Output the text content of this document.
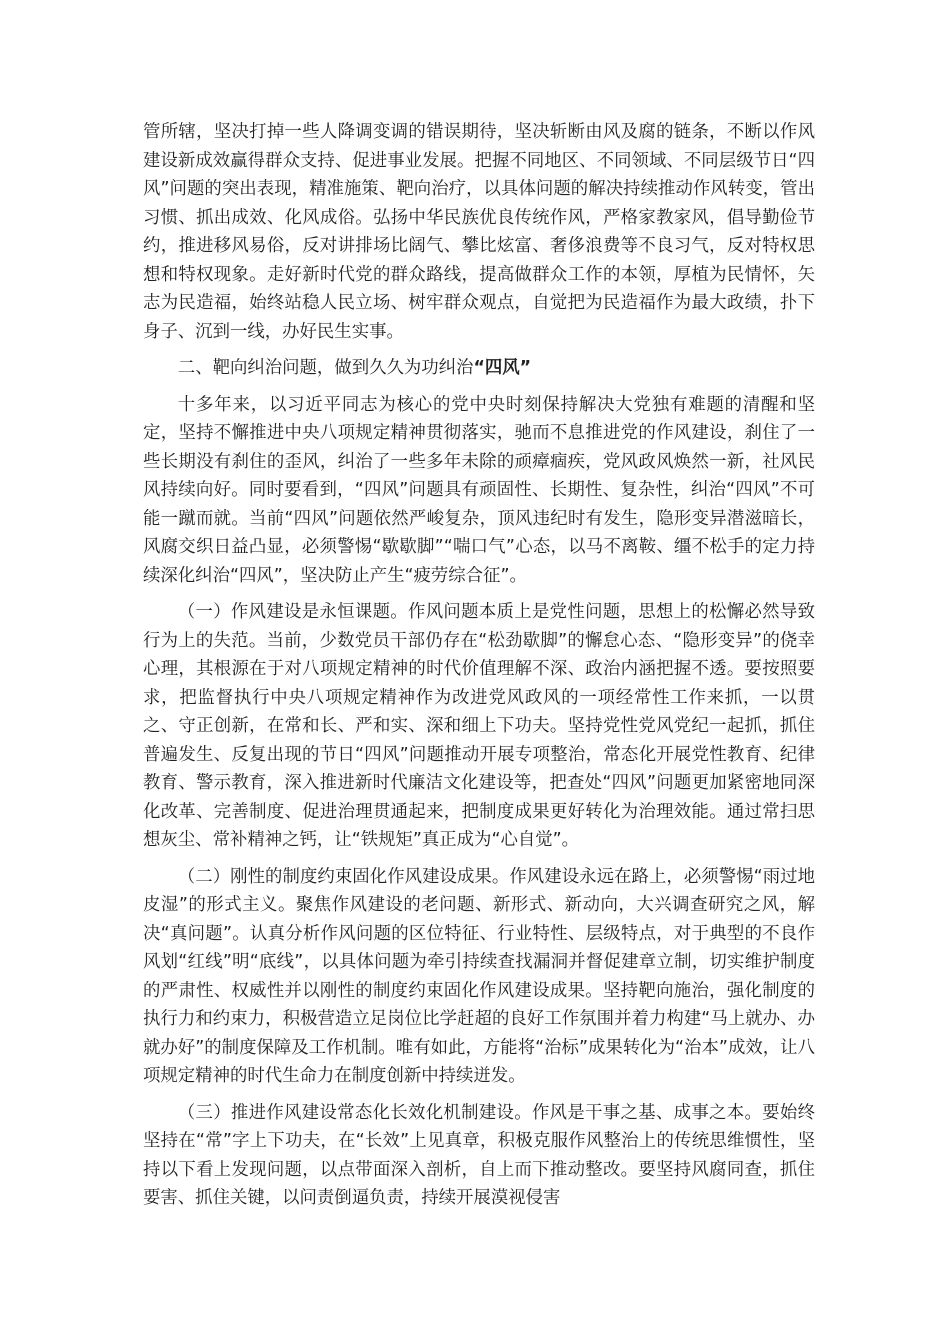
管所辖，坚决打掉一些人降调变调的错误期待，坚决斩断由风及腐的链条，不断以作风建设新成效赢得群众支持、促进事业发展。把握不同地区、不同领域、不同层级节日“四风”问题的突出表现，精准施策、靶向治疗，以具体问题的解决持续推动作风转变，管出习惯、抓出成效、化风成俗。弘扬中华民族优良传统作风，严格家教家风，倡导勤俭节约，推进移风易俗，反对讲排场比阔气、攀比炫富、奢侈浪费等不良习气，反对特权思想和特权现象。走好新时代党的群众路线，提高做群众工作的本领，厚植为民情怀，矢志为民造福，始终站稳人民立场、树牢群众观点，自觉把为民造福作为最大政绩，扑下身子、沉到一线，办好民生实事。

二、靶向纠治问题，做到久久为功纠治“四风”

十多年来，以习近平同志为核心的党中央时刻保持解决大党独有难题的清醒和坚定，坚持不懈推进中央八项规定精神贯彻落实，驰而不息推进党的作风建设，刹住了一些长期没有刹住的歪风，纠治了一些多年未除的顽瘴痼疾，党风政风焕然一新，社风民风持续向好。同时要看到，“四风”问题具有顽固性、长期性、复杂性，纠治“四风”不可能一蹴而就。当前“四风”问题依然严峻复杂，顶风违纪时有发生，隐形变异潜滋暗长，风腐交织日益凸显，必须警惕“歇歇脚”“喘口气”心态，以马不离鞍、缰不松手的定力持续深化纠治“四风”，坚决防止产生“疲劳综合征”。

（一）作风建设是永恒课题。作风问题本质上是党性问题，思想上的松懈必然导致行为上的失范。当前，少数党员干部仍存在“松劲歇脚”的懈怠心态、“隐形变异”的侥幸心理，其根源在于对八项规定精神的时代价值理解不深、政治内涵把握不透。要按照要求，把监督执行中央八项规定精神作为改进党风政风的一项经常性工作来抓，一以贯之、守正创新，在常和长、严和实、深和细上下功夫。坚持党性党风党纪一起抓，抓住普遍发生、反复出现的节日“四风”问题推动开展专项整治，常态化开展党性教育、纪律教育、警示教育，深入推进新时代廉洁文化建设等，把查处“四风”问题更加紧密地同深化改革、完善制度、促进治理贯通起来，把制度成果更好转化为治理效能。通过常扫思想灰尘、常补精神之钙，让“铁规矩”真正成为“心自觉”。

（二）刚性的制度约束固化作风建设成果。作风建设永远在路上，必须警惕“雨过地皮湿”的形式主义。聚焦作风建设的老问题、新形式、新动向，大兴调查研究之风，解决“真问题”。认真分析作风问题的区位特征、行业特性、层级特点，对于典型的不良作风划“红线”明“底线”，以具体问题为牵引持续查找漏洞并督促建章立制，切实维护制度的严肃性、权威性并以刚性的制度约束固化作风建设成果。坚持靶向施治，强化制度的执行力和约束力，积极营造立足岗位比学赶超的良好工作氛围并着力构建“马上就办、办就办好”的制度保障及工作机制。唯有如此，方能将“治标”成果转化为“治本”成效，让八项规定精神的时代生命力在制度创新中持续迸发。

（三）推进作风建设常态化长效化机制建设。作风是干事之基、成事之本。要始终坚持在“常”字上下功夫，在“长效”上见真章，积极克服作风整治上的传统思维惯性，坚持以下看上发现问题，以点带面深入剖析，自上而下推动整改。要坚持风腐同查，抓住要害、抓住关键，以问责倒逼负责，持续开展漠视侵害
